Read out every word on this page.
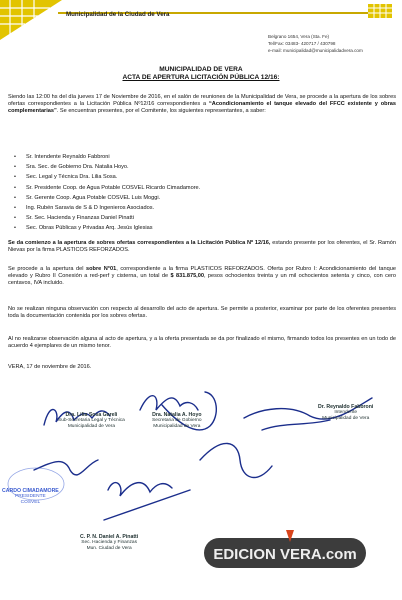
Municipalidad de la Ciudad de Vera
Belgrano 1654, Vera (Sta. Fe)
Tel/Fax: 03483- 420717 / 430798
e-mail: municipalidad@municipalidadvera.com
MUNICIPALIDAD DE VERA
ACTA DE APERTURA LICITACIÓN PÚBLICA 12/16:
Siendo las 12:00 hs del día jueves 17 de Noviembre de 2016, en el salón de reuniones de la Municipalidad de Vera, se procede a la apertura de los sobres ofertas correspondientes a la Licitación Pública Nº12/16 correspondientes a “Acondicionamiento el tanque elevado del FFCC existente y obras complementarias”. Se encuentran presentes, por el Comitente, los siguientes representantes, a saber:
• Sr. Intendente Reynaldo Fabbroni
• Sra. Sec. de Gobierno Dra. Natalia Hoyo.
• Sec. Legal y Técnica Dra. Lilia Sosa.
• Sr. Presidente Coop. de Agua Potable COSVEL Ricardo Cimadamore.
• Sr. Gerente Coop. Agua Potable COSVEL Luis Moggi.
• Ing. Rubén Saravia de S & D Ingenieros Asociados.
• Sr. Sec. Hacienda y Finanzas Daniel Pinatti
• Sec. Obras Públicas y Privadas Arq. Jesús Iglesias
Se da comienzo a la apertura de sobres ofertas correspondientes a la Licitación Pública Nº 12/16, estando presente por los oferentes, el Sr. Ramón Nievas por la firma PLASTICOS REFORZADOS.
Se procede a la apertura del sobre N°01, correspondiente a la firma PLASTICOS REFORZADOS. Oferta por Rubro I: Acondicionamiento del tanque elevado y Rubro II Conexión a red-perf y cisterna, un total de $ 831.875,00, pesos ochocientos treinta y un mil ochocientos setenta y cinco, con cero centavos, IVA incluido.
No se realizan ninguna observación con respecto al desarrollo del acto de apertura. Se permite a posterior, examinar por parte de los oferentes presentes toda la documentación contenida por los sobres ofertas.
Al no realizarse observación alguna al acto de apertura, y a la oferta presentada se da por finalizado el mismo, firmando todos los presentes en un todo de acuerdo 4 ejemplares de un mismo tenor.
VERA, 17 de noviembre de 2016.
Dra. Lilia Sosa Gareli
Sub-Secretaria Legal y Técnica
Municipalidad de Vera
Dra. Natalia A. Hoyo
Secretaria de Gobierno
Municipalidad de Vera
Dr. Reynaldo Fabbroni
Intendente
Municipalidad de Vera
CARDO CIMADAMORE
PRESIDENTE
COSVEL
C. P. N. Daniel A. Pinatti
Sec. Hacienda y Finanzas
Mun. Ciudad de Vera	EDICION VERA.com
